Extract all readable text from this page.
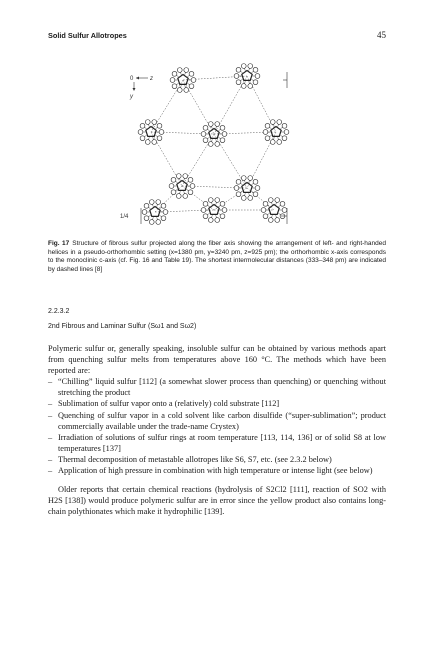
Solid Sulfur Allotropes	45
0	z
y
1/4
Fig. 17 Structure of fibrous sulfur projected along the fiber axis showing the arrangement of left- and right-handed helices in a pseudo-orthorhombic setting (x=1380 pm, y=3240 pm, z=925 pm); the orthorhombic x-axis corresponds to the monoclinic c-axis (cf. Fig. 16 and Table 19). The shortest intermolecular distances (333–348 pm) are indicated by dashed lines [8]
2.2.3.2
2nd Fibrous and Laminar Sulfur (Sω1 and Sω2)

Polymeric sulfur or, generally speaking, insoluble sulfur can be obtained by various methods apart from quenching sulfur melts from temperatures above 160 °C. The methods which have been reported are:

– “Chilling” liquid sulfur [112] (a somewhat slower process than quenching) or quenching without stretching the product
– Sublimation of sulfur vapor onto a (relatively) cold substrate [112]
– Quenching of sulfur vapor in a cold solvent like carbon disulfide (“super-sublimation”; product commercially available under the trade-name Crystex)
– Irradiation of solutions of sulfur rings at room temperature [113, 114, 136] or of solid S8 at low temperatures [137]
– Thermal decomposition of metastable allotropes like S6, S7, etc. (see 2.3.2 below)
– Application of high pressure in combination with high temperature or intense light (see below)

Older reports that certain chemical reactions (hydrolysis of S2Cl2 [111], reaction of SO2 with H2S [138]) would produce polymeric sulfur are in error since the yellow product also contains long-chain polythionates which make it hydrophilic [139].
